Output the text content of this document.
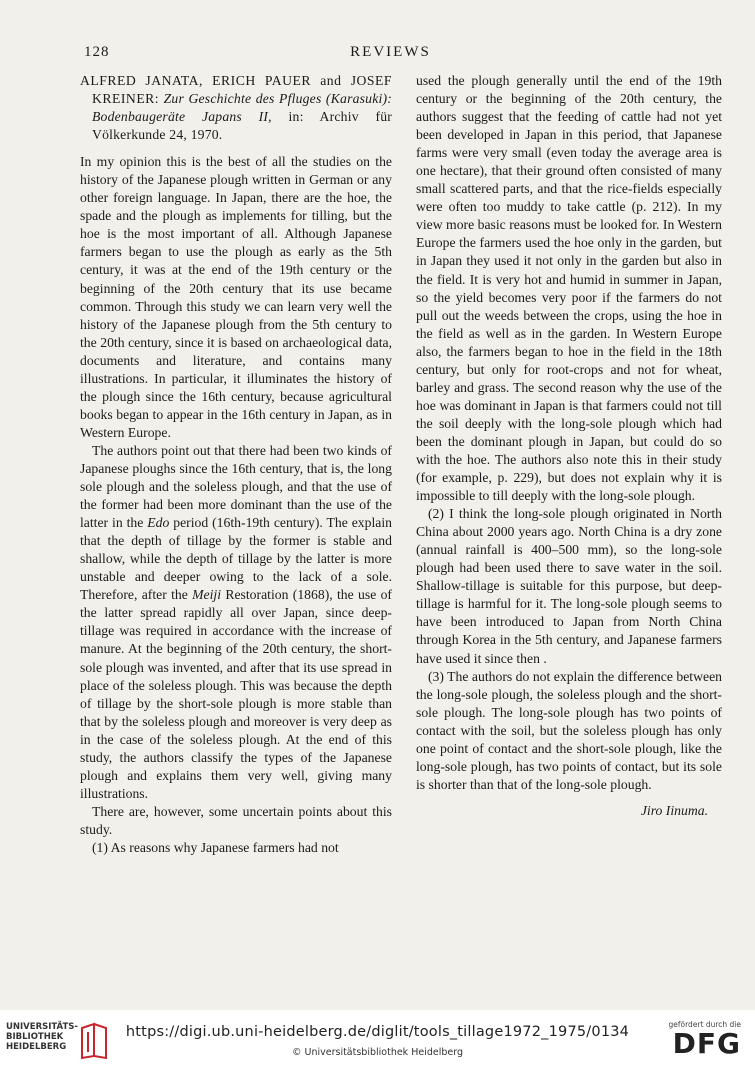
128	REVIEWS
ALFRED JANATA, ERICH PAUER and JOSEF KREINER: Zur Geschichte des Pfluges (Karasuki): Bodenbaugeräte Japans II, in: Archiv für Völkerkunde 24, 1970.

In my opinion this is the best of all the studies on the history of the Japanese plough written in German or any other foreign language. In Japan, there are the hoe, the spade and the plough as implements for tilling, but the hoe is the most important of all. Although Japanese farmers began to use the plough as early as the 5th century, it was at the end of the 19th century or the beginning of the 20th century that its use became common. Through this study we can learn very well the history of the Japanese plough from the 5th century to the 20th century, since it is based on archaeological data, documents and literature, and contains many illustrations. In particular, it illuminates the history of the plough since the 16th century, because agricultural books began to appear in the 16th century in Japan, as in Western Europe.

The authors point out that there had been two kinds of Japanese ploughs since the 16th century, that is, the long sole plough and the soleless plough, and that the use of the former had been more dominant than the use of the latter in the Edo period (16th-19th century). The explain that the depth of tillage by the former is stable and shallow, while the depth of tillage by the latter is more unstable and deeper owing to the lack of a sole. Therefore, after the Meiji Restoration (1868), the use of the latter spread rapidly all over Japan, since deep-tillage was required in accordance with the increase of manure. At the beginning of the 20th century, the short-sole plough was invented, and after that its use spread in place of the soleless plough. This was because the depth of tillage by the short-sole plough is more stable than that by the soleless plough and moreover is very deep as in the case of the soleless plough. At the end of this study, the authors classify the types of the Japanese plough and explains them very well, giving many illustrations.

There are, however, some uncertain points about this study.

(1) As reasons why Japanese farmers had not

used the plough generally until the end of the 19th century or the beginning of the 20th century, the authors suggest that the feeding of cattle had not yet been developed in Japan in this period, that Japanese farms were very small (even today the average area is one hectare), that their ground often consisted of many small scattered parts, and that the rice-fields especially were often too muddy to take cattle (p. 212). In my view more basic reasons must be looked for. In Western Europe the farmers used the hoe only in the garden, but in Japan they used it not only in the garden but also in the field. It is very hot and humid in summer in Japan, so the yield becomes very poor if the farmers do not pull out the weeds between the crops, using the hoe in the field as well as in the garden. In Western Europe also, the farmers began to hoe in the field in the 18th century, but only for root-crops and not for wheat, barley and grass. The second reason why the use of the hoe was dominant in Japan is that farmers could not till the soil deeply with the long-sole plough which had been the dominant plough in Japan, but could do so with the hoe. The authors also note this in their study (for example, p. 229), but does not explain why it is impossible to till deeply with the long-sole plough.

(2) I think the long-sole plough originated in North China about 2000 years ago. North China is a dry zone (annual rainfall is 400–500 mm), so the long-sole plough had been used there to save water in the soil. Shallow-tillage is suitable for this purpose, but deep-tillage is harmful for it. The long-sole plough seems to have been introduced to Japan from North China through Korea in the 5th century, and Japanese farmers have used it since then .

(3) The authors do not explain the difference between the long-sole plough, the soleless plough and the short-sole plough. The long-sole plough has two points of contact with the soil, but the soleless plough has only one point of contact and the short-sole plough, like the long-sole plough, has two points of contact, but its sole is shorter than that of the long-sole plough.

Jiro Iinuma.
UNIVERSITÄTS-
BIBLIOTHEK
HEIDELBERG
https://digi.ub.uni-heidelberg.de/diglit/tools_tillage1972_1975/0134
© Universitätsbibliothek Heidelberg
gefördert durch die
DFG
